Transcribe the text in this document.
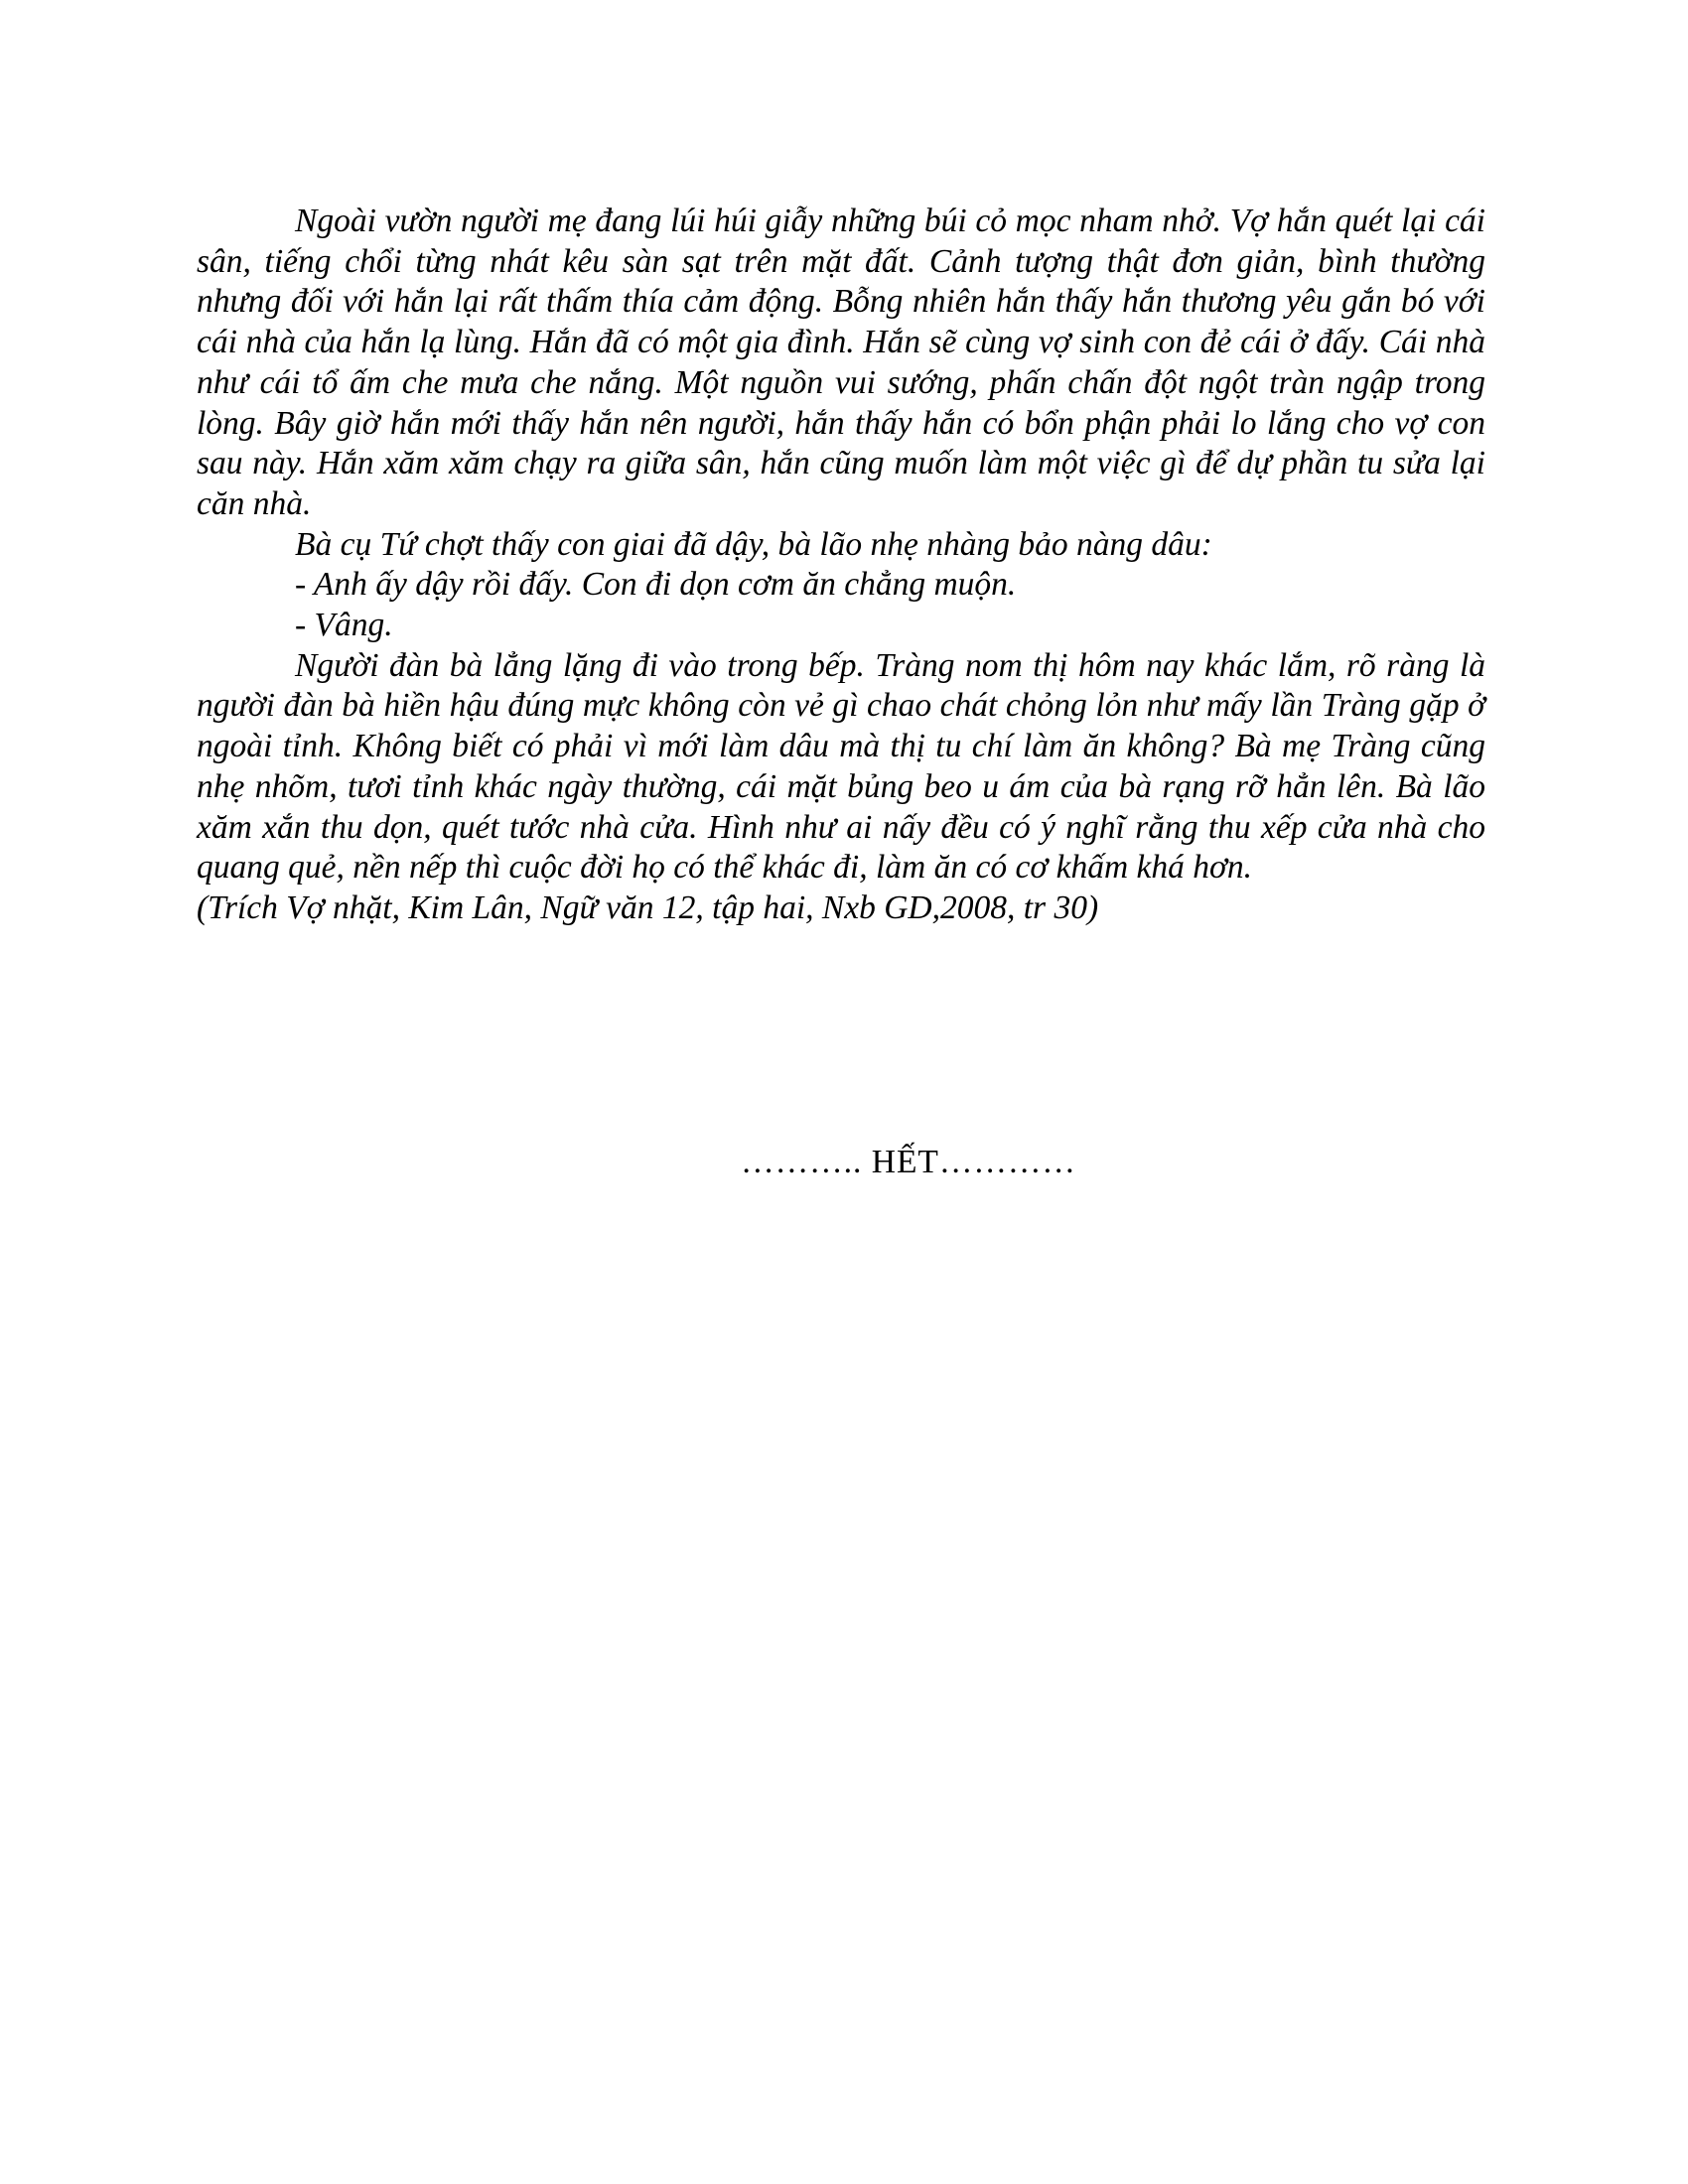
Ngoài vườn người mẹ đang lúi húi giẫy những búi cỏ mọc nham nhở. Vợ hắn quét lại cái sân, tiếng chổi từng nhát kêu sàn sạt trên mặt đất. Cảnh tượng thật đơn giản, bình thường nhưng đối với hắn lại rất thấm thía cảm động. Bỗng nhiên hắn thấy hắn thương yêu gắn bó với cái nhà của hắn lạ lùng. Hắn đã có một gia đình. Hắn sẽ cùng vợ sinh con đẻ cái ở đấy. Cái nhà như cái tổ ấm che mưa che nắng. Một nguồn vui sướng, phấn chấn đột ngột tràn ngập trong lòng. Bây giờ hắn mới thấy hắn nên người, hắn thấy hắn có bổn phận phải lo lắng cho vợ con sau này. Hắn xăm xăm chạy ra giữa sân, hắn cũng muốn làm một việc gì để dự phần tu sửa lại căn nhà.

Bà cụ Tứ chợt thấy con giai đã dậy, bà lão nhẹ nhàng bảo nàng dâu:

- Anh ấy dậy rồi đấy. Con đi dọn cơm ăn chẳng muộn.

- Vâng.

Người đàn bà lẳng lặng đi vào trong bếp. Tràng nom thị hôm nay khác lắm, rõ ràng là người đàn bà hiền hậu đúng mực không còn vẻ gì chao chát chỏng lỏn như mấy lần Tràng gặp ở ngoài tỉnh. Không biết có phải vì mới làm dâu mà thị tu chí làm ăn không? Bà mẹ Tràng cũng nhẹ nhõm, tươi tỉnh khác ngày thường, cái mặt bủng beo u ám của bà rạng rỡ hẳn lên. Bà lão xăm xắn thu dọn, quét tước nhà cửa. Hình như ai nấy đều có ý nghĩ rằng thu xếp cửa nhà cho quang quẻ, nền nếp thì cuộc đời họ có thể khác đi, làm ăn có cơ khấm khá hơn.

(Trích Vợ nhặt, Kim Lân, Ngữ văn 12, tập hai, Nxb GD,2008, tr 30)

……….. HẾT…………
